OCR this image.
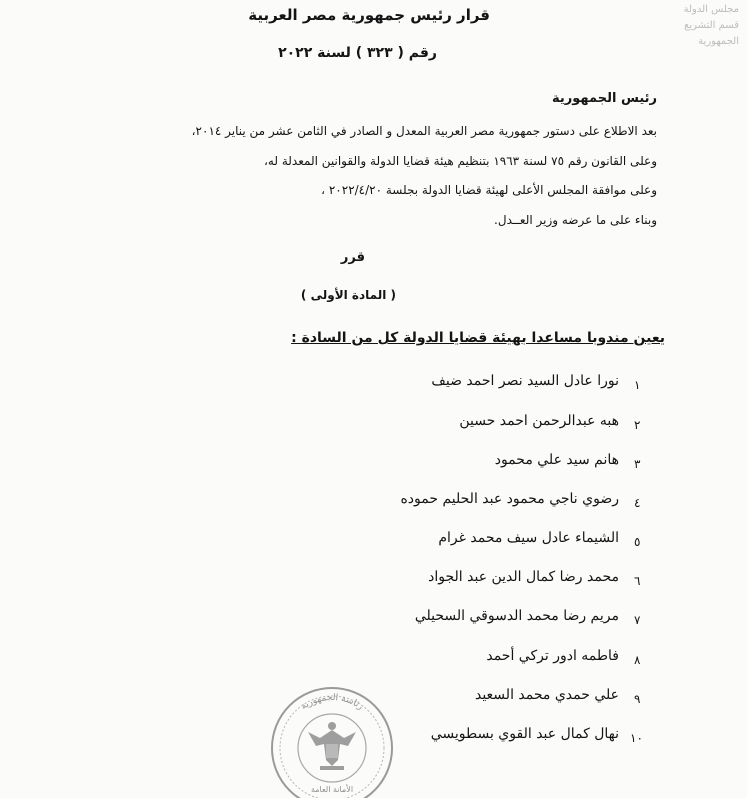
مجلس الدولة
قسم التشريع
الجمهورية
قرار رئيس جمهورية مصر العربية
رقم ( ٣٢٣ ) لسنة ٢٠٢٢
رئيس الجمهورية
بعد الاطلاع على دستور جمهورية مصر العربية المعدل و الصادر في الثامن عشر من يناير ٢٠١٤،
وعلى القانون رقم ٧٥ لسنة ١٩٦٣ بتنظيم هيئة قضايا الدولة والقوانين المعدلة له،
وعلى موافقة المجلس الأعلى لهيئة قضايا الدولة بجلسة ٢٠٢٢/٤/٢٠ ،
وبناء على ما عرضه وزير العــدل.
قرر
( المادة الأولى )
يعين مندوبا مساعدا بهيئة قضايا الدولة كل من السادة :
١
نورا عادل السيد نصر احمد ضيف
٢
هبه عبدالرحمن احمد حسين
٣
هانم سيد علي محمود
٤
رضوي ناجي محمود عبد الحليم حموده
٥
الشيماء عادل سيف محمد غرام
٦
محمد رضا كمال الدين عبد الجواد
٧
مريم رضا محمد الدسوقي السحيلي
٨
فاطمه ادور تركي أحمد
٩
علي حمدي محمد السعيد
١٠
نهال كمال عبد القوي بسطويسي
رئاسة الجمهورية
الأمانة العامة
